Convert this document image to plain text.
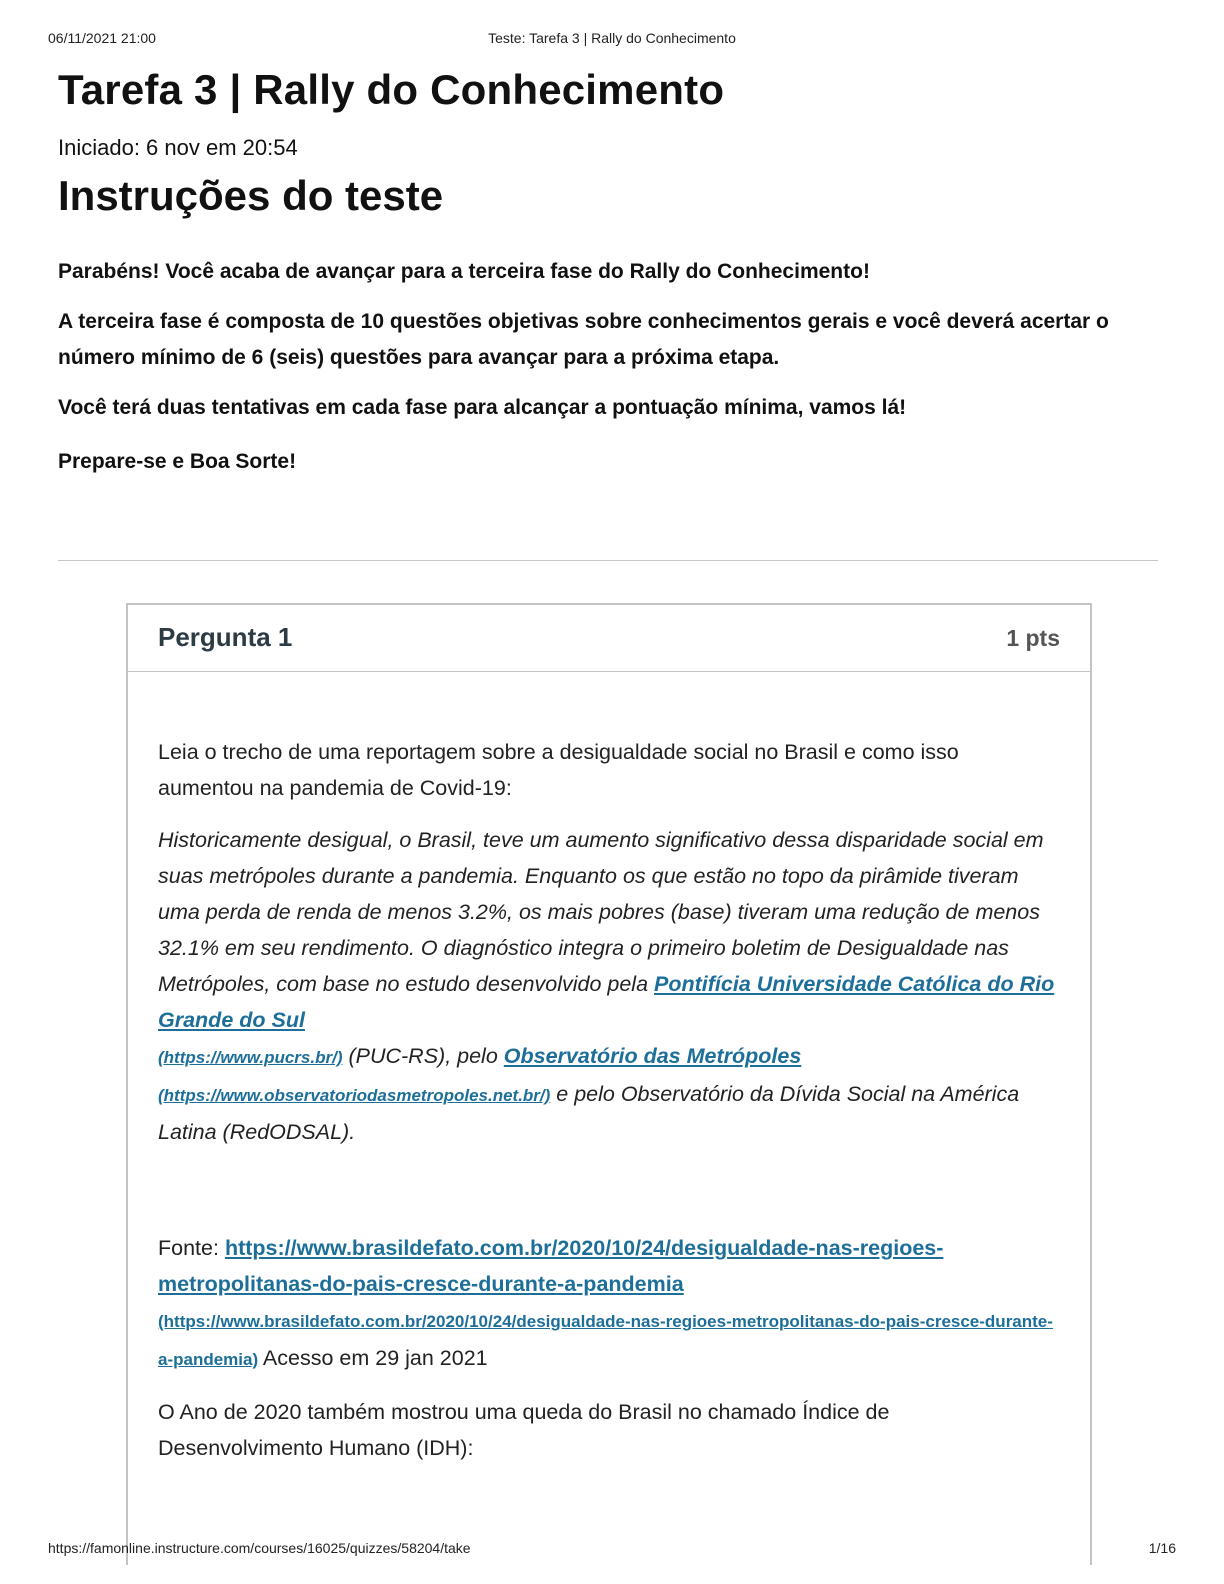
06/11/2021 21:00	Teste: Tarefa 3 | Rally do Conhecimento
Tarefa 3 | Rally do Conhecimento
Iniciado: 6 nov em 20:54
Instruções do teste

Parabéns! Você acaba de avançar para a terceira fase do Rally do Conhecimento!

A terceira fase é composta de 10 questões objetivas sobre conhecimentos gerais e você deverá acertar o número mínimo de 6 (seis) questões para avançar para a próxima etapa.

Você terá duas tentativas em cada fase para alcançar a pontuação mínima, vamos lá!

Prepare-se e Boa Sorte!

Pergunta 1	1 pts

Leia o trecho de uma reportagem sobre a desigualdade social no Brasil e como isso aumentou na pandemia de Covid-19:

Historicamente desigual, o Brasil, teve um aumento significativo dessa disparidade social em suas metrópoles durante a pandemia. Enquanto os que estão no topo da pirâmide tiveram uma perda de renda de menos 3.2%, os mais pobres (base) tiveram uma redução de menos 32.1% em seu rendimento. O diagnóstico integra o primeiro boletim de Desigualdade nas Metrópoles, com base no estudo desenvolvido pela Pontifícia Universidade Católica do Rio Grande do Sul
(https://www.pucrs.br/) (PUC-RS), pelo Observatório das Metrópoles
(https://www.observatoriodasmetropoles.net.br/) e pelo Observatório da Dívida Social na América Latina (RedODSAL).

Fonte: https://www.brasildefato.com.br/2020/10/24/desigualdade-nas-regioes-metropolitanas-do-pais-cresce-durante-a-pandemia
(https://www.brasildefato.com.br/2020/10/24/desigualdade-nas-regioes-metropolitanas-do-pais-cresce-durante-a-pandemia) Acesso em 29 jan 2021

O Ano de 2020 também mostrou uma queda do Brasil no chamado Índice de Desenvolvimento Humano (IDH):

https://famonline.instructure.com/courses/16025/quizzes/58204/take	1/16
